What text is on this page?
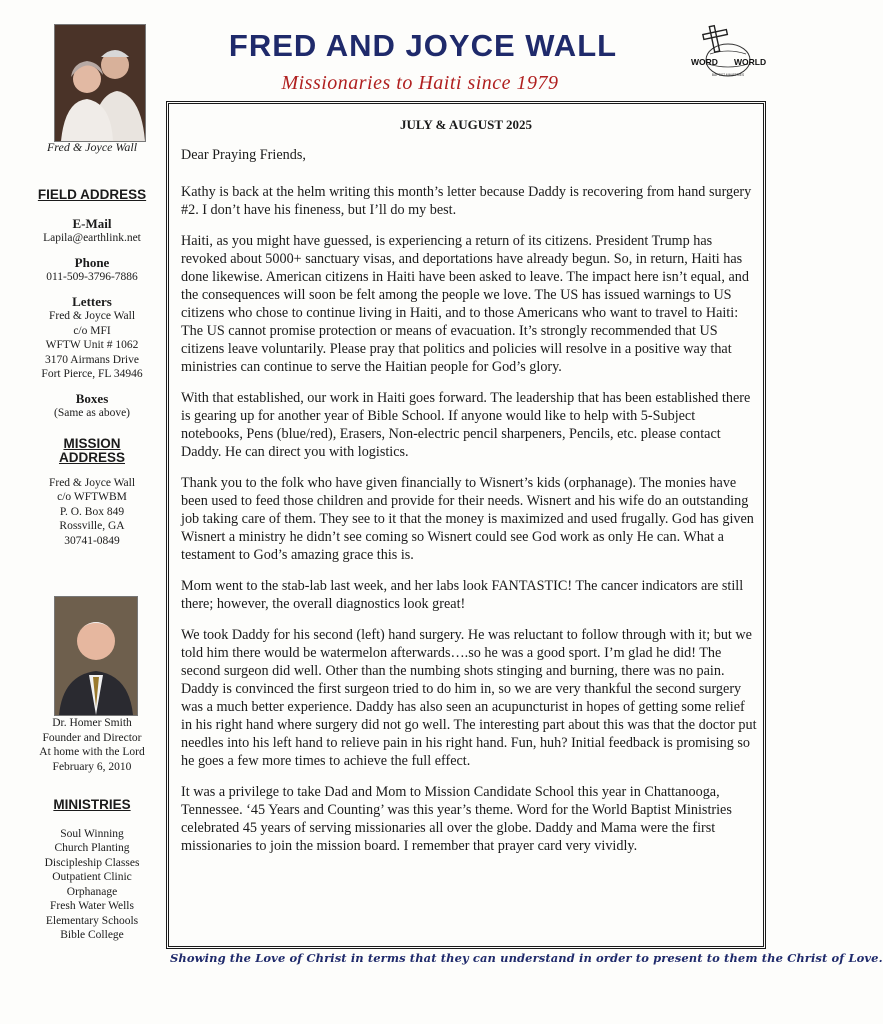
FRED AND JOYCE WALL
Missionaries to Haiti since 1979
WORD WORLD
BAPTIST MINISTRIES
Fred & Joyce Wall
FIELD ADDRESS
E-Mail
Lapila@earthlink.net
Phone
011-509-3796-7886
Letters
Fred & Joyce Wall
c/o MFI
WFTW Unit # 1062
3170 Airmans Drive
Fort Pierce, FL 34946
Boxes
(Same as above)
MISSION
ADDRESS
Fred & Joyce Wall
c/o WFTWBM
P. O. Box 849
Rossville, GA
30741-0849
Dr. Homer Smith
Founder and Director
At home with the Lord
February 6, 2010
MINISTRIES
Soul Winning
Church Planting
Discipleship Classes
Outpatient Clinic
Orphanage
Fresh Water Wells
Elementary Schools
Bible College
JULY & AUGUST 2025

Dear Praying Friends,

Kathy is back at the helm writing this month’s letter because Daddy is recovering from hand surgery #2. I don’t have his fineness, but I’ll do my best.

Haiti, as you might have guessed, is experiencing a return of its citizens. President Trump has revoked about 5000+ sanctuary visas, and deportations have already begun. So, in return, Haiti has done likewise. American citizens in Haiti have been asked to leave. The impact here isn’t equal, and the consequences will soon be felt among the people we love. The US has issued warnings to US citizens who chose to continue living in Haiti, and to those Americans who want to travel to Haiti: The US cannot promise protection or means of evacuation. It’s strongly recommended that US citizens leave voluntarily. Please pray that politics and policies will resolve in a positive way that ministries can continue to serve the Haitian people for God’s glory.

With that established, our work in Haiti goes forward. The leadership that has been established there is gearing up for another year of Bible School. If anyone would like to help with 5-Subject notebooks, Pens (blue/red), Erasers, Non-electric pencil sharpeners, Pencils, etc. please contact Daddy. He can direct you with logistics.

Thank you to the folk who have given financially to Wisnert’s kids (orphanage). The monies have been used to feed those children and provide for their needs. Wisnert and his wife do an outstanding job taking care of them. They see to it that the money is maximized and used frugally. God has given Wisnert a ministry he didn’t see coming so Wisnert could see God work as only He can. What a testament to God’s amazing grace this is.

Mom went to the stab-lab last week, and her labs look FANTASTIC! The cancer indicators are still there; however, the overall diagnostics look great!

We took Daddy for his second (left) hand surgery. He was reluctant to follow through with it; but we told him there would be watermelon afterwards….so he was a good sport. I’m glad he did! The second surgeon did well. Other than the numbing shots stinging and burning, there was no pain. Daddy is convinced the first surgeon tried to do him in, so we are very thankful the second surgery was a much better experience. Daddy has also seen an acupuncturist in hopes of getting some relief in his right hand where surgery did not go well. The interesting part about this was that the doctor put needles into his left hand to relieve pain in his right hand. Fun, huh? Initial feedback is promising so he goes a few more times to achieve the full effect.

It was a privilege to take Dad and Mom to Mission Candidate School this year in Chattanooga, Tennessee. ‘45 Years and Counting’ was this year’s theme. Word for the World Baptist Ministries celebrated 45 years of serving missionaries all over the globe. Daddy and Mama were the first missionaries to join the mission board. I remember that prayer card very vividly.

Showing the Love of Christ in terms that they can understand in order to present to them the Christ of Love.
